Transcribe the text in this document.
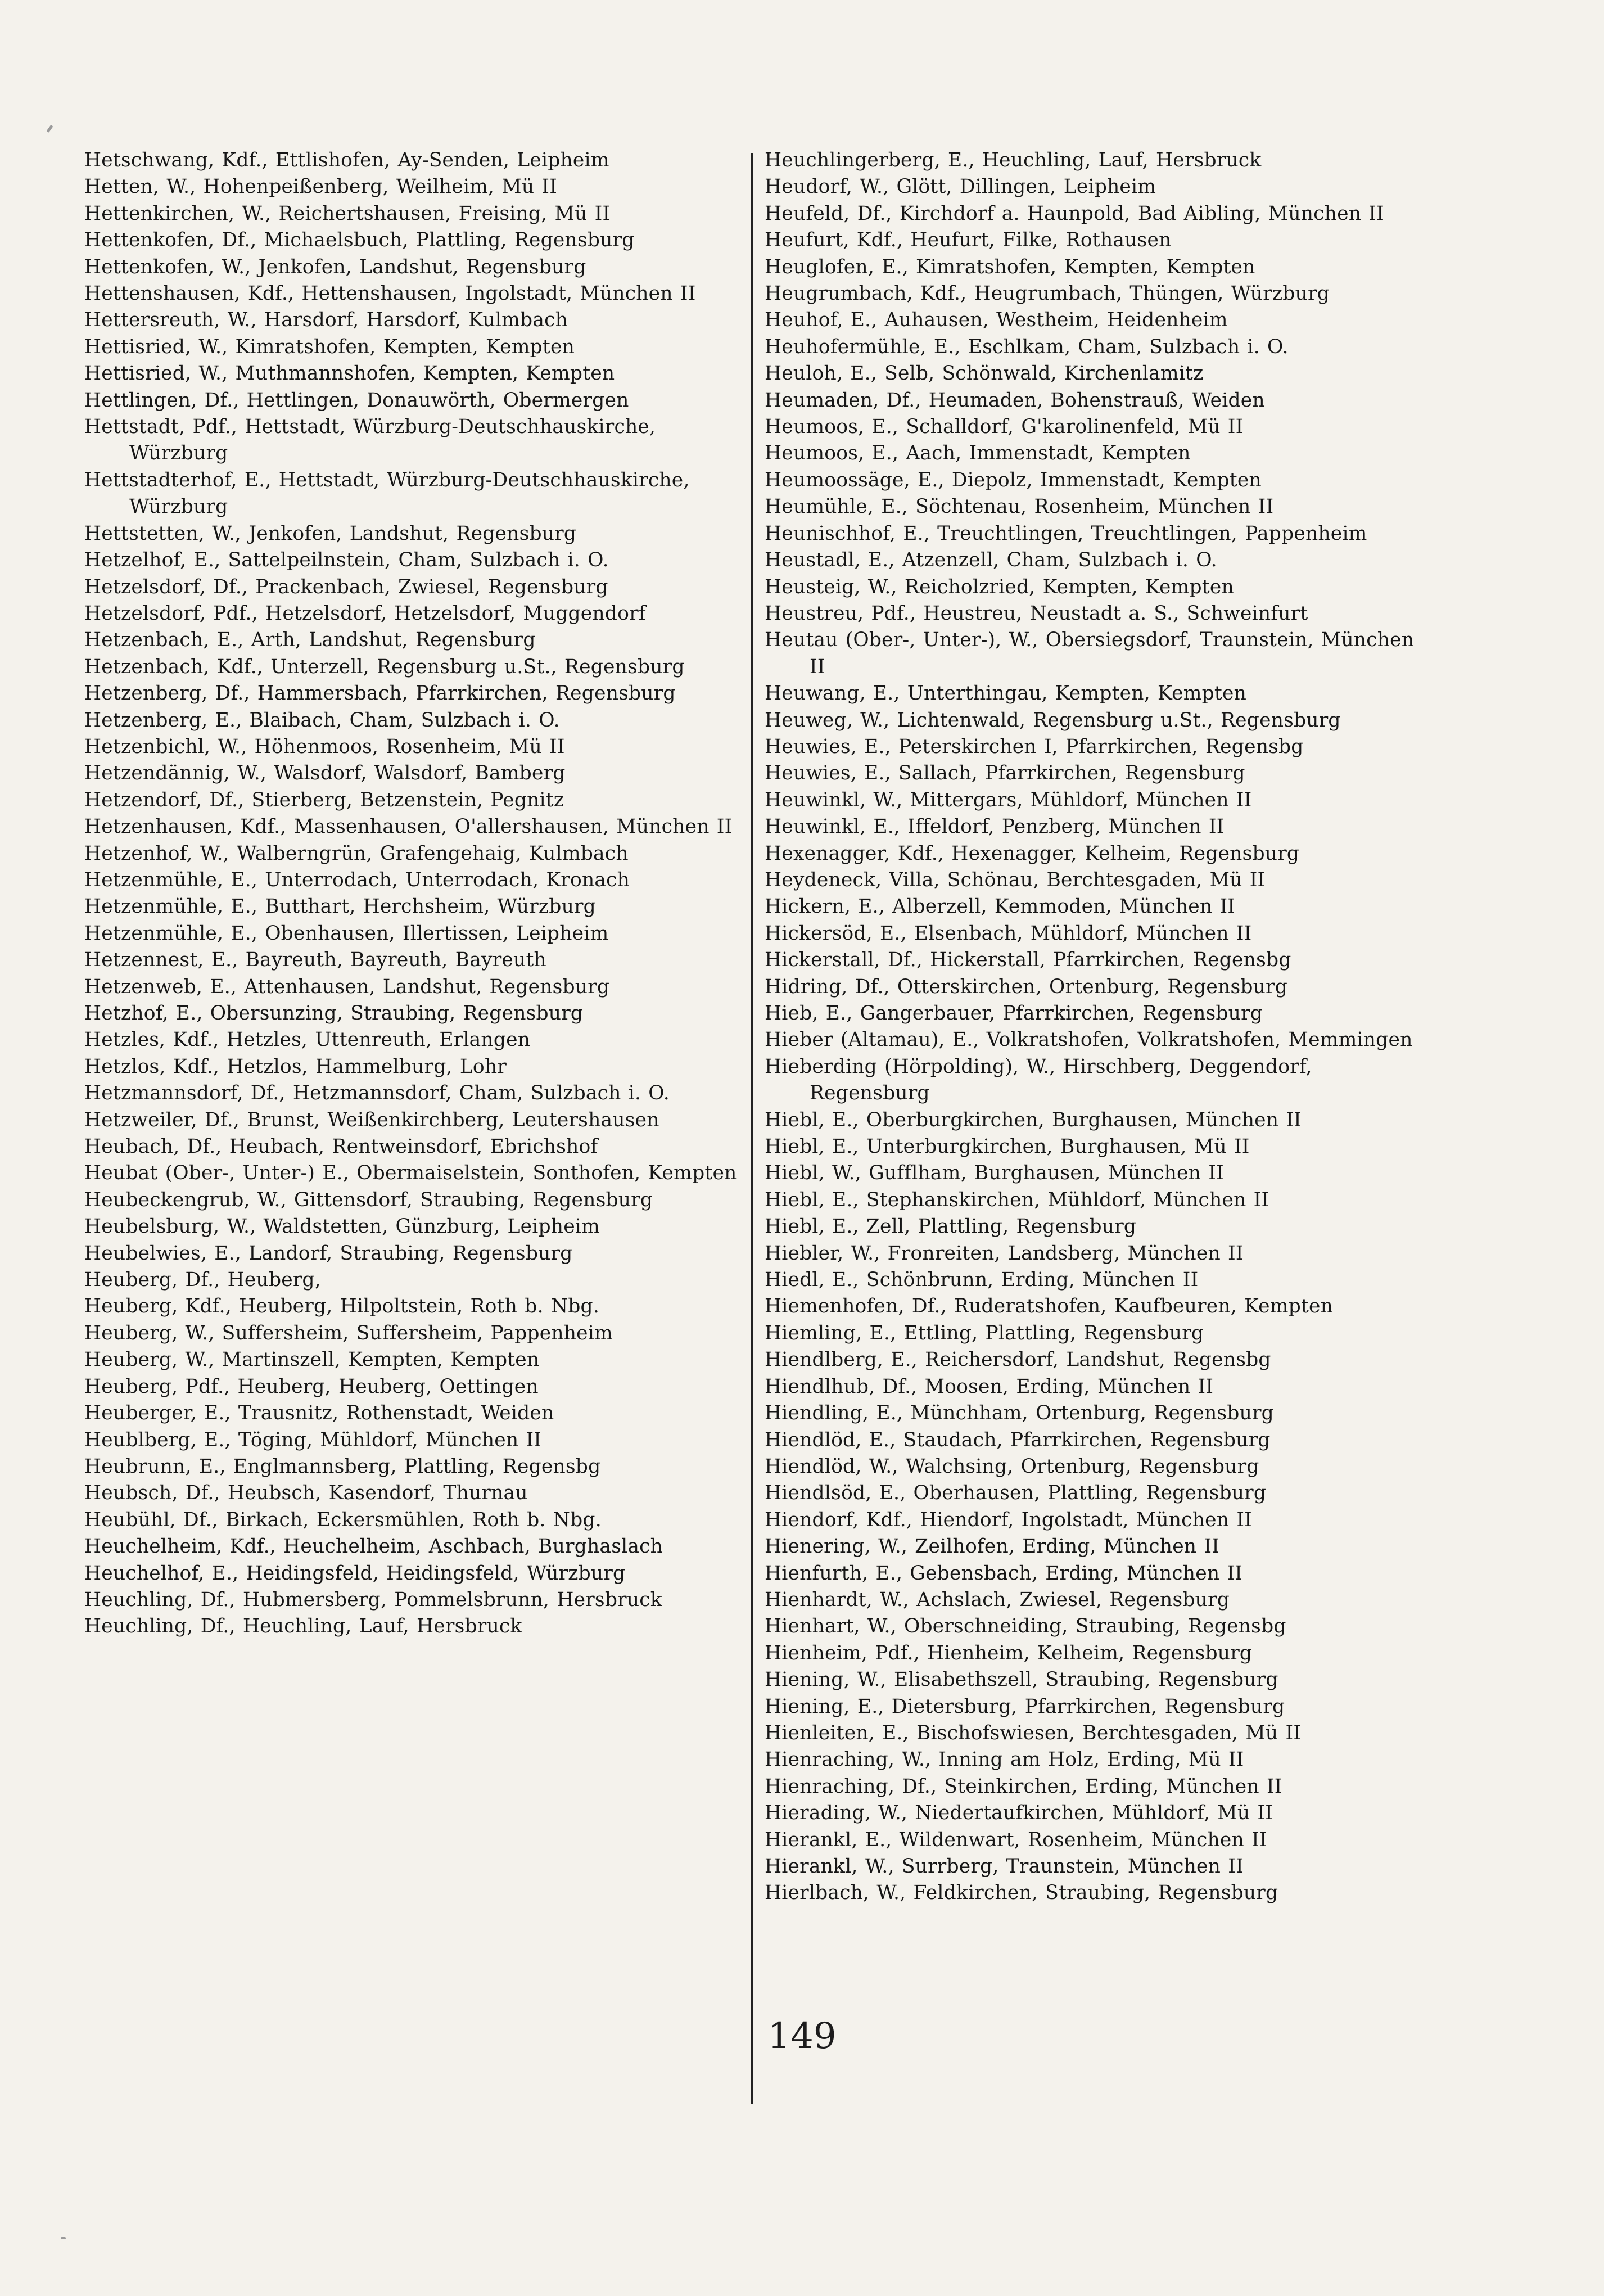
Hetschwang, Kdf., Ettlishofen, Ay-Senden, Leipheim
Hetten, W., Hohenpeißenberg, Weilheim, Mü II
Hettenkirchen, W., Reichertshausen, Freising, Mü II
Hettenkofen, Df., Michaelsbuch, Plattling, Regensburg
Hettenkofen, W., Jenkofen, Landshut, Regensburg
Hettenshausen, Kdf., Hettenshausen, Ingolstadt, München II
Hettersreuth, W., Harsdorf, Harsdorf, Kulmbach
Hettisried, W., Kimratshofen, Kempten, Kempten
Hettisried, W., Muthmannshofen, Kempten, Kempten
Hettlingen, Df., Hettlingen, Donauwörth, Obermergen
Hettstadt, Pdf., Hettstadt, Würzburg-Deutschhauskirche, Würzburg
Hettstadterhof, E., Hettstadt, Würzburg-Deutschhauskirche, Würzburg
Hettstetten, W., Jenkofen, Landshut, Regensburg
Hetzelhof, E., Sattelpeilnstein, Cham, Sulzbach i. O.
Hetzelsdorf, Df., Prackenbach, Zwiesel, Regensburg
Hetzelsdorf, Pdf., Hetzelsdorf, Hetzelsdorf, Muggendorf
Hetzenbach, E., Arth, Landshut, Regensburg
Hetzenbach, Kdf., Unterzell, Regensburg u.St., Regensburg
Hetzenberg, Df., Hammersbach, Pfarrkirchen, Regensburg
Hetzenberg, E., Blaibach, Cham, Sulzbach i. O.
Hetzenbichl, W., Höhenmoos, Rosenheim, Mü II
Hetzendännig, W., Walsdorf, Walsdorf, Bamberg
Hetzendorf, Df., Stierberg, Betzenstein, Pegnitz
Hetzenhausen, Kdf., Massenhausen, O'allershausen, München II
Hetzenhof, W., Walberngrün, Grafengehaig, Kulmbach
Hetzenmühle, E., Unterrodach, Unterrodach, Kronach
Hetzenmühle, E., Butthart, Herchsheim, Würzburg
Hetzenmühle, E., Obenhausen, Illertissen, Leipheim
Hetzennest, E., Bayreuth, Bayreuth, Bayreuth
Hetzenweb, E., Attenhausen, Landshut, Regensburg
Hetzhof, E., Obersunzing, Straubing, Regensburg
Hetzles, Kdf., Hetzles, Uttenreuth, Erlangen
Hetzlos, Kdf., Hetzlos, Hammelburg, Lohr
Hetzmannsdorf, Df., Hetzmannsdorf, Cham, Sulzbach i. O.
Hetzweiler, Df., Brunst, Weißenkirchberg, Leutershausen
Heubach, Df., Heubach, Rentweinsdorf, Ebrichshof
Heubat (Ober-, Unter-) E., Obermaiselstein, Sonthofen, Kempten
Heubeckengrub, W., Gittensdorf, Straubing, Regensburg
Heubelsburg, W., Waldstetten, Günzburg, Leipheim
Heubelwies, E., Landorf, Straubing, Regensburg
Heuberg, Df., Heuberg,
Heuberg, Kdf., Heuberg, Hilpoltstein, Roth b. Nbg.
Heuberg, W., Suffersheim, Suffersheim, Pappenheim
Heuberg, W., Martinszell, Kempten, Kempten
Heuberg, Pdf., Heuberg, Heuberg, Oettingen
Heuberger, E., Trausnitz, Rothenstadt, Weiden
Heublberg, E., Töging, Mühldorf, München II
Heubrunn, E., Englmannsberg, Plattling, Regensbg
Heubsch, Df., Heubsch, Kasendorf, Thurnau
Heubühl, Df., Birkach, Eckersmühlen, Roth b. Nbg.
Heuchelheim, Kdf., Heuchelheim, Aschbach, Burghaslach
Heuchelhof, E., Heidingsfeld, Heidingsfeld, Würzburg
Heuchling, Df., Hubmersberg, Pommelsbrunn, Hersbruck
Heuchling, Df., Heuchling, Lauf, Hersbruck
Heuchlingerberg, E., Heuchling, Lauf, Hersbruck
Heudorf, W., Glött, Dillingen, Leipheim
Heufeld, Df., Kirchdorf a. Haunpold, Bad Aibling, München II
Heufurt, Kdf., Heufurt, Filke, Rothausen
Heuglofen, E., Kimratshofen, Kempten, Kempten
Heugrumbach, Kdf., Heugrumbach, Thüngen, Würzburg
Heuhof, E., Auhausen, Westheim, Heidenheim
Heuhofermühle, E., Eschlkam, Cham, Sulzbach i. O.
Heuloh, E., Selb, Schönwald, Kirchenlamitz
Heumaden, Df., Heumaden, Bohenstrauß, Weiden
Heumoos, E., Schalldorf, G'karolinenfeld, Mü II
Heumoos, E., Aach, Immenstadt, Kempten
Heumoossäge, E., Diepolz, Immenstadt, Kempten
Heumühle, E., Söchtenau, Rosenheim, München II
Heunischhof, E., Treuchtlingen, Treuchtlingen, Pappenheim
Heustadl, E., Atzenzell, Cham, Sulzbach i. O.
Heusteig, W., Reicholzried, Kempten, Kempten
Heustreu, Pdf., Heustreu, Neustadt a. S., Schweinfurt
Heutau (Ober-, Unter-), W., Obersiegsdorf, Traunstein, München II
Heuwang, E., Unterthingau, Kempten, Kempten
Heuweg, W., Lichtenwald, Regensburg u.St., Regensburg
Heuwies, E., Peterskirchen I, Pfarrkirchen, Regensbg
Heuwies, E., Sallach, Pfarrkirchen, Regensburg
Heuwinkl, W., Mittergars, Mühldorf, München II
Heuwinkl, E., Iffeldorf, Penzberg, München II
Hexenagger, Kdf., Hexenagger, Kelheim, Regensburg
Heydeneck, Villa, Schönau, Berchtesgaden, Mü II
Hickern, E., Alberzell, Kemmoden, München II
Hickersöd, E., Elsenbach, Mühldorf, München II
Hickerstall, Df., Hickerstall, Pfarrkirchen, Regensbg
Hidring, Df., Otterskirchen, Ortenburg, Regensburg
Hieb, E., Gangerbauer, Pfarrkirchen, Regensburg
Hieber (Altamau), E., Volkratshofen, Volkratshofen, Memmingen
Hieberding (Hörpolding), W., Hirschberg, Deggendorf, Regensburg
Hiebl, E., Oberburgkirchen, Burghausen, München II
Hiebl, E., Unterburgkirchen, Burghausen, Mü II
Hiebl, W., Gufflham, Burghausen, München II
Hiebl, E., Stephanskirchen, Mühldorf, München II
Hiebl, E., Zell, Plattling, Regensburg
Hiebler, W., Fronreiten, Landsberg, München II
Hiedl, E., Schönbrunn, Erding, München II
Hiemenhofen, Df., Ruderatshofen, Kaufbeuren, Kempten
Hiemling, E., Ettling, Plattling, Regensburg
Hiendlberg, E., Reichersdorf, Landshut, Regensbg
Hiendlhub, Df., Moosen, Erding, München II
Hiendling, E., Münchham, Ortenburg, Regensburg
Hiendlöd, E., Staudach, Pfarrkirchen, Regensburg
Hiendlöd, W., Walchsing, Ortenburg, Regensburg
Hiendlsöd, E., Oberhausen, Plattling, Regensburg
Hiendorf, Kdf., Hiendorf, Ingolstadt, München II
Hienering, W., Zeilhofen, Erding, München II
Hienfurth, E., Gebensbach, Erding, München II
Hienhardt, W., Achslach, Zwiesel, Regensburg
Hienhart, W., Oberschneiding, Straubing, Regensbg
Hienheim, Pdf., Hienheim, Kelheim, Regensburg
Hiening, W., Elisabethszell, Straubing, Regensburg
Hiening, E., Dietersburg, Pfarrkirchen, Regensburg
Hienleiten, E., Bischofswiesen, Berchtesgaden, Mü II
Hienraching, W., Inning am Holz, Erding, Mü II
Hienraching, Df., Steinkirchen, Erding, München II
Hierading, W., Niedertaufkirchen, Mühldorf, Mü II
Hierankl, E., Wildenwart, Rosenheim, München II
Hierankl, W., Surrberg, Traunstein, München II
Hierlbach, W., Feldkirchen, Straubing, Regensburg
149
